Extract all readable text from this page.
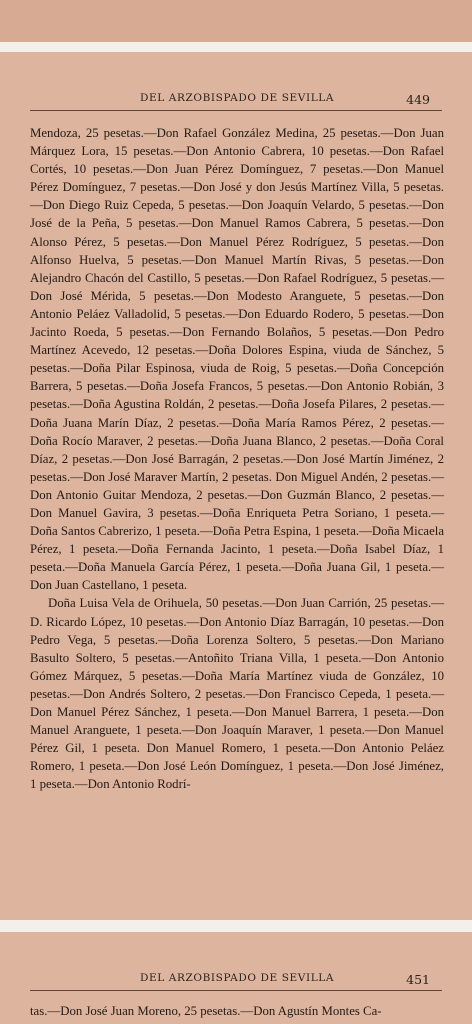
DEL ARZOBISPADO DE SEVILLA	449

Mendoza, 25 pesetas.—Don Rafael González Medina, 25 pesetas.—Don Juan Márquez Lora, 15 pesetas.—Don Antonio Cabrera, 10 pesetas.—Don Rafael Cortés, 10 pesetas.—Don Juan Pérez Domínguez, 7 pesetas.—Don Manuel Pérez Domínguez, 7 pesetas.—Don José y don Jesús Martínez Villa, 5 pesetas.—Don Diego Ruiz Cepeda, 5 pesetas.—Don Joaquín Velardo, 5 pesetas.—Don José de la Peña, 5 pesetas.—Don Manuel Ramos Cabrera, 5 pesetas.—Don Alonso Pérez, 5 pesetas.—Don Manuel Pérez Rodríguez, 5 pesetas.—Don Alfonso Huelva, 5 pesetas.—Don Manuel Martín Rivas, 5 pesetas.—Don Alejandro Chacón del Castillo, 5 pesetas.—Don Rafael Rodríguez, 5 pesetas.—Don José Mérida, 5 pesetas.—Don Modesto Aranguete, 5 pesetas.—Don Antonio Peláez Valladolid, 5 pesetas.—Don Eduardo Rodero, 5 pesetas.—Don Jacinto Roeda, 5 pesetas.—Don Fernando Bolaños, 5 pesetas.—Don Pedro Martínez Acevedo, 12 pesetas.—Doña Dolores Espina, viuda de Sánchez, 5 pesetas.—Doña Pilar Espinosa, viuda de Roig, 5 pesetas.—Doña Concepción Barrera, 5 pesetas.—Doña Josefa Francos, 5 pesetas.—Don Antonio Robián, 3 pesetas.—Doña Agustina Roldán, 2 pesetas.—Doña Josefa Pilares, 2 pesetas.—Doña Juana Marín Díaz, 2 pesetas.—Doña María Ramos Pérez, 2 pesetas.—Doña Rocío Maraver, 2 pesetas.—Doña Juana Blanco, 2 pesetas.—Doña Coral Díaz, 2 pesetas.—Don José Barragán, 2 pesetas.—Don José Martín Jiménez, 2 pesetas.—Don José Maraver Martín, 2 pesetas. Don Miguel Andén, 2 pesetas.—Don Antonio Guitar Mendoza, 2 pesetas.—Don Guzmán Blanco, 2 pesetas.—Don Manuel Gavira, 3 pesetas.—Doña Enriqueta Petra Soriano, 1 peseta.—Doña Santos Cabrerizo, 1 peseta.—Doña Petra Espina, 1 peseta.—Doña Micaela Pérez, 1 peseta.—Doña Fernanda Jacinto, 1 peseta.—Doña Isabel Díaz, 1 peseta.—Doña Manuela García Pérez, 1 peseta.—Doña Juana Gil, 1 peseta.—Don Juan Castellano, 1 peseta.

Doña Luisa Vela de Orihuela, 50 pesetas.—Don Juan Carrión, 25 pesetas.—D. Ricardo López, 10 pesetas.—Don Antonio Díaz Barragán, 10 pesetas.—Don Pedro Vega, 5 pesetas.—Doña Lorenza Soltero, 5 pesetas.—Don Mariano Basulto Soltero, 5 pesetas.—Antoñito Triana Villa, 1 peseta.—Don Antonio Gómez Márquez, 5 pesetas.—Doña María Martínez viuda de González, 10 pesetas.—Don Andrés Soltero, 2 pesetas.—Don Francisco Cepeda, 1 peseta.—Don Manuel Pérez Sánchez, 1 peseta.—Don Manuel Barrera, 1 peseta.—Don Manuel Aranguete, 1 peseta.—Don Joaquín Maraver, 1 peseta.—Don Manuel Pérez Gil, 1 peseta. Don Manuel Romero, 1 peseta.—Don Antonio Peláez Romero, 1 peseta.—Don José León Domínguez, 1 peseta.—Don José Jiménez, 1 peseta.—Don Antonio Rodrí-

DEL ARZOBISPADO DE SEVILLA	451

tas.—Don José Juan Moreno, 25 pesetas.—Don Agustín Montes Ca-
